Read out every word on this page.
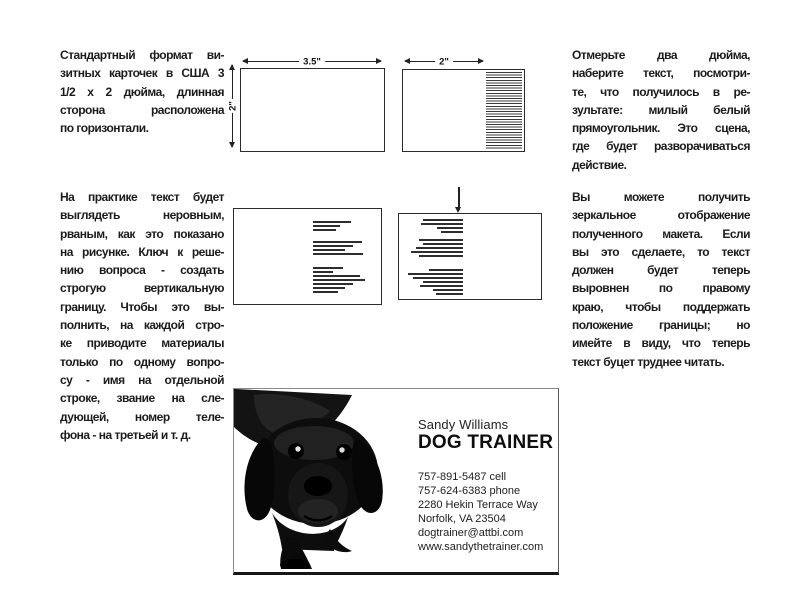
Стандартный формат ви-
зитных карточек в США 3
1/2 х 2 дюйма, длинная
сторона расположена
по горизонтали.
На практике текст будет
выглядеть неровным,
рваным, как это показано
на рисунке. Ключ к реше-
нию вопроса - создать
строгую вертикальную
границу. Чтобы это вы-
полнить, на каждой стро-
ке приводите материалы
только по одному вопро-
су - имя на отдельной
строке, звание на сле-
дующей, номер теле-
фона - на третьей и т. д.
Отмерьте два дюйма,
наберите текст, посмотри-
те, что получилось в ре-
зультате: милый белый
прямоугольник. Это сцена,
где будет разворачиваться
действие.
Вы можете получить
зеркальное отображение
полученного макета. Если
вы это сделаете, то текст
должен будет теперь
выровнен по правому
краю, чтобы поддержать
положение границы; но
имейте в виду, что теперь
текст буцет труднее читать.
3.5"
2"
2"
Sandy Williams
DOG TRAINER
757-891-5487 cell
757-624-6383 phone
2280 Hekin Terrace Way
Norfolk, VA 23504
dogtrainer@attbi.com
www.sandythetrainer.com
